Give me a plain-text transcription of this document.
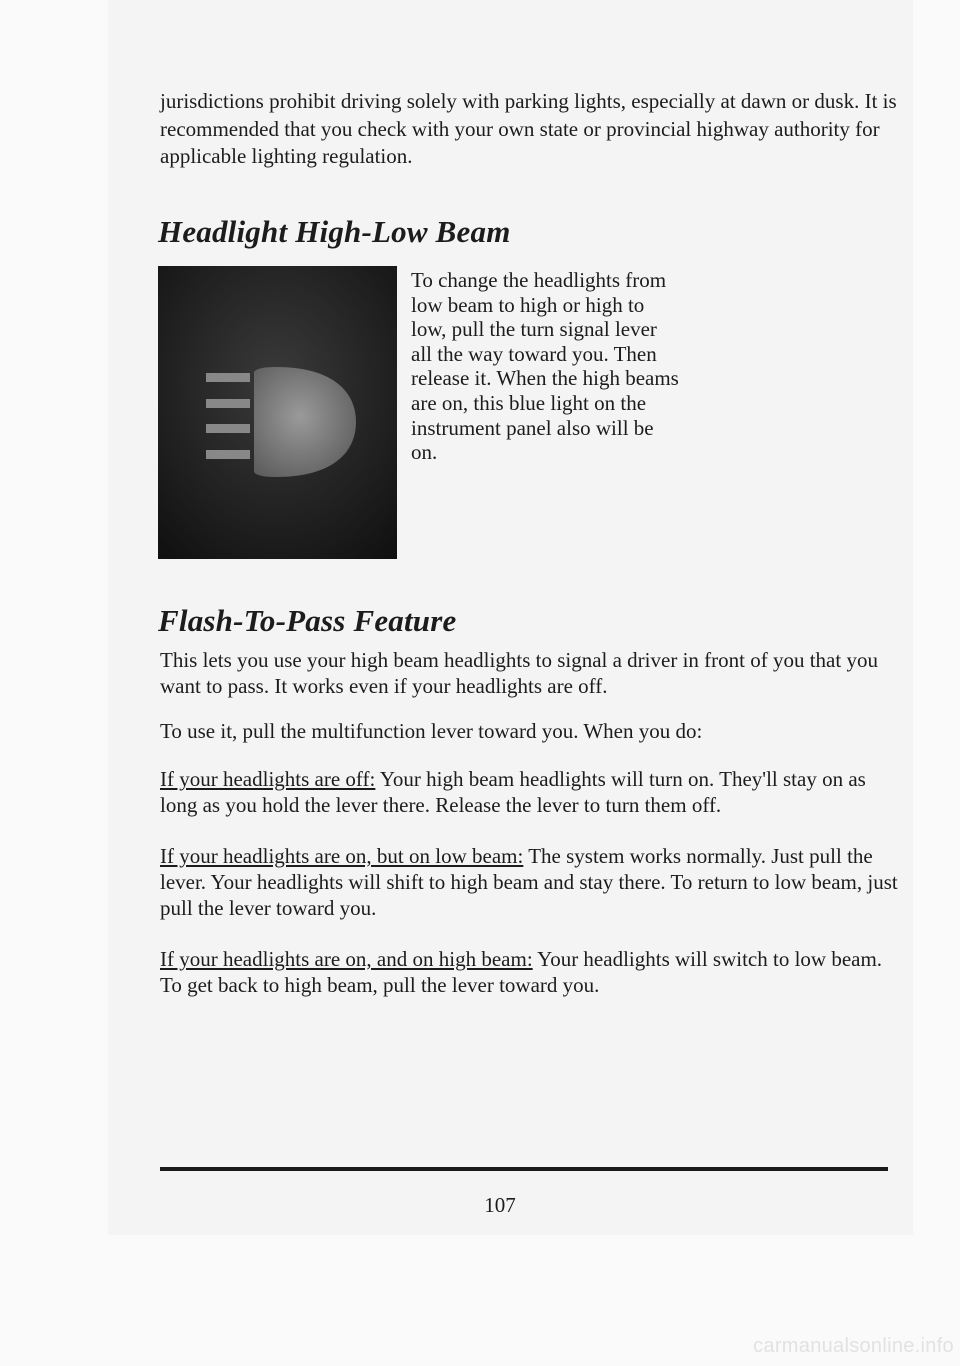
jurisdictions prohibit driving solely with parking lights, especially at dawn or dusk. It is recommended that you check with your own state or provincial highway authority for applicable lighting regulation.

Headlight High-Low Beam

To change the headlights from low beam to high or high to low, pull the turn signal lever all the way toward you. Then release it. When the high beams are on, this blue light on the instrument panel also will be on.

Flash-To-Pass Feature

This lets you use your high beam headlights to signal a driver in front of you that you want to pass. It works even if your headlights are off.

To use it, pull the multifunction lever toward you. When you do:

If your headlights are off: Your high beam headlights will turn on. They'll stay on as long as you hold the lever there. Release the lever to turn them off.

If your headlights are on, but on low beam: The system works normally. Just pull the lever. Your headlights will shift to high beam and stay there. To return to low beam, just pull the lever toward you.

If your headlights are on, and on high beam: Your headlights will switch to low beam. To get back to high beam, pull the lever toward you.

107
carmanualsonline.info
